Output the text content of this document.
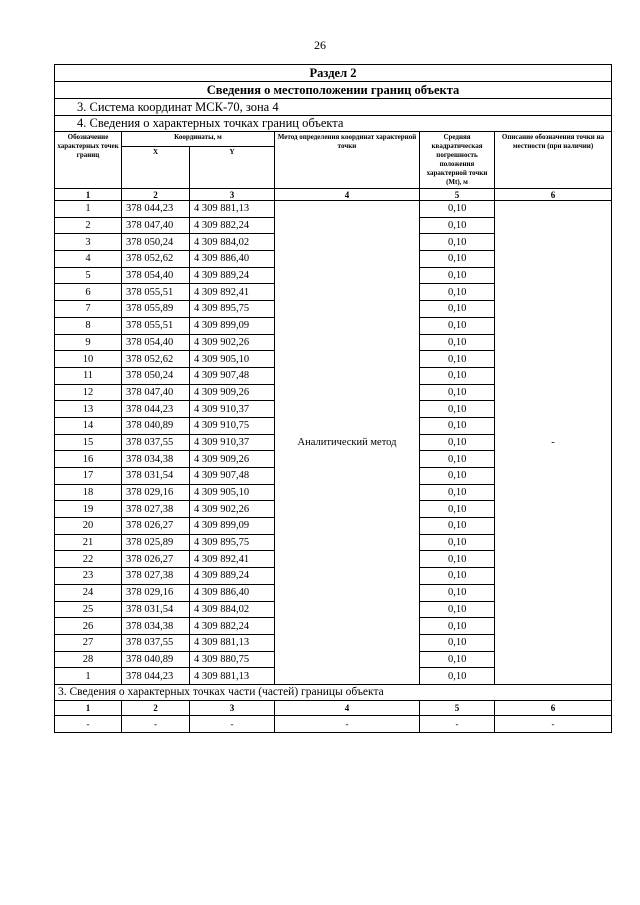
26
Раздел 2					
Сведения о местоположении границ объекта					
3. Система координат МСК-70, зона 4					
4. Сведения о характерных точках границ объекта					
Обозначение характерных точек границ	Координаты, м		Метод определения координат характерной точки	Средняя квадратическая погрешность положения характерной точки (Mt), м	Описание обозначения точки на местности (при наличии)
	X	Y			
1	2	3	4	5	6
1	378 044,23	4 309 881,13	Аналитический метод	0,10	-
2	378 047,40	4 309 882,24		0,10	
3	378 050,24	4 309 884,02		0,10	
4	378 052,62	4 309 886,40		0,10	
5	378 054,40	4 309 889,24		0,10	
6	378 055,51	4 309 892,41		0,10	
7	378 055,89	4 309 895,75		0,10	
8	378 055,51	4 309 899,09		0,10	
9	378 054,40	4 309 902,26		0,10	
10	378 052,62	4 309 905,10		0,10	
11	378 050,24	4 309 907,48		0,10	
12	378 047,40	4 309 909,26		0,10	
13	378 044,23	4 309 910,37		0,10	
14	378 040,89	4 309 910,75		0,10	
15	378 037,55	4 309 910,37		0,10	
16	378 034,38	4 309 909,26		0,10	
17	378 031,54	4 309 907,48		0,10	
18	378 029,16	4 309 905,10		0,10	
19	378 027,38	4 309 902,26		0,10	
20	378 026,27	4 309 899,09		0,10	
21	378 025,89	4 309 895,75		0,10	
22	378 026,27	4 309 892,41		0,10	
23	378 027,38	4 309 889,24		0,10	
24	378 029,16	4 309 886,40		0,10	
25	378 031,54	4 309 884,02		0,10	
26	378 034,38	4 309 882,24		0,10	
27	378 037,55	4 309 881,13		0,10	
28	378 040,89	4 309 880,75		0,10	
1	378 044,23	4 309 881,13		0,10	
3. Сведения о характерных точках части (частей) границы объекта					
1	2	3	4	5	6
-	-	-	-	-	-
